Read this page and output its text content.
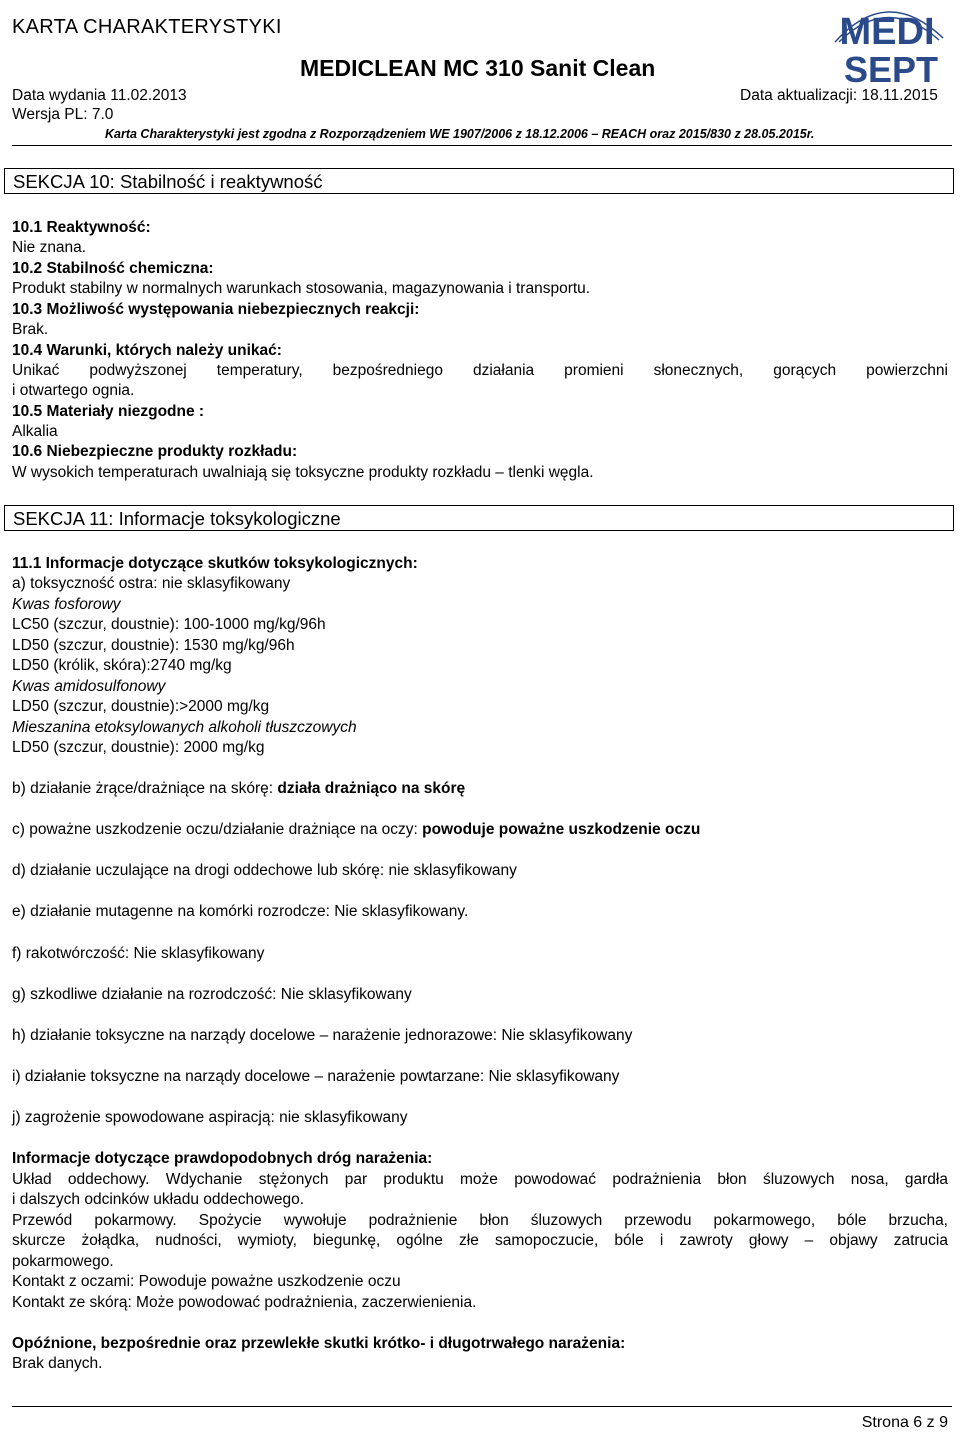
KARTA CHARAKTERYSTYKI
MEDICLEAN MC 310 Sanit Clean
Data wydania 11.02.2013	Data aktualizacji: 18.11.2015
Wersja PL: 7.0
Karta Charakterystyki jest zgodna z Rozporządzeniem WE 1907/2006 z 18.12.2006 – REACH oraz 2015/830 z 28.05.2015r.
MEDI
SEPT
SEKCJA 10: Stabilność i reaktywność
10.1 Reaktywność:
Nie znana.
10.2 Stabilność chemiczna:
Produkt stabilny w normalnych warunkach stosowania, magazynowania i transportu.
10.3 Możliwość występowania niebezpiecznych reakcji:
Brak.
10.4 Warunki, których należy unikać:
Unikać podwyższonej temperatury, bezpośredniego działania promieni słonecznych, gorących powierzchni
i otwartego ognia.
10.5 Materiały niezgodne :
Alkalia
10.6 Niebezpieczne produkty rozkładu:
W wysokich temperaturach uwalniają się toksyczne produkty rozkładu – tlenki węgla.
SEKCJA 11: Informacje toksykologiczne
11.1 Informacje dotyczące skutków toksykologicznych:
a) toksyczność ostra: nie sklasyfikowany
Kwas fosforowy
LC50 (szczur, doustnie): 100-1000 mg/kg/96h
LD50 (szczur, doustnie): 1530 mg/kg/96h
LD50 (królik, skóra):2740 mg/kg
Kwas amidosulfonowy
LD50 (szczur, doustnie):>2000 mg/kg
Mieszanina etoksylowanych alkoholi tłuszczowych
LD50 (szczur, doustnie): 2000 mg/kg
b) działanie żrące/drażniące na skórę: działa drażniąco na skórę
c) poważne uszkodzenie oczu/działanie drażniące na oczy: powoduje poważne uszkodzenie oczu
d) działanie uczulające na drogi oddechowe lub skórę: nie sklasyfikowany
e) działanie mutagenne na komórki rozrodcze: Nie sklasyfikowany.
f) rakotwórczość: Nie sklasyfikowany
g) szkodliwe działanie na rozrodczość: Nie sklasyfikowany
h) działanie toksyczne na narządy docelowe – narażenie jednorazowe: Nie sklasyfikowany
i) działanie toksyczne na narządy docelowe – narażenie powtarzane: Nie sklasyfikowany
j) zagrożenie spowodowane aspiracją: nie sklasyfikowany
Informacje dotyczące prawdopodobnych dróg narażenia:
Układ oddechowy. Wdychanie stężonych par produktu może powodować podrażnienia błon śluzowych nosa, gardła
i dalszych odcinków układu oddechowego.
Przewód pokarmowy. Spożycie wywołuje podrażnienie błon śluzowych przewodu pokarmowego, bóle brzucha,
skurcze żołądka, nudności, wymioty, biegunkę, ogólne złe samopoczucie, bóle i zawroty głowy – objawy zatrucia
pokarmowego.
Kontakt z oczami: Powoduje poważne uszkodzenie oczu
Kontakt ze skórą: Może powodować podrażnienia, zaczerwienienia.
Opóźnione, bezpośrednie oraz przewlekłe skutki krótko- i długotrwałego narażenia:
Brak danych.
Strona 6 z 9
